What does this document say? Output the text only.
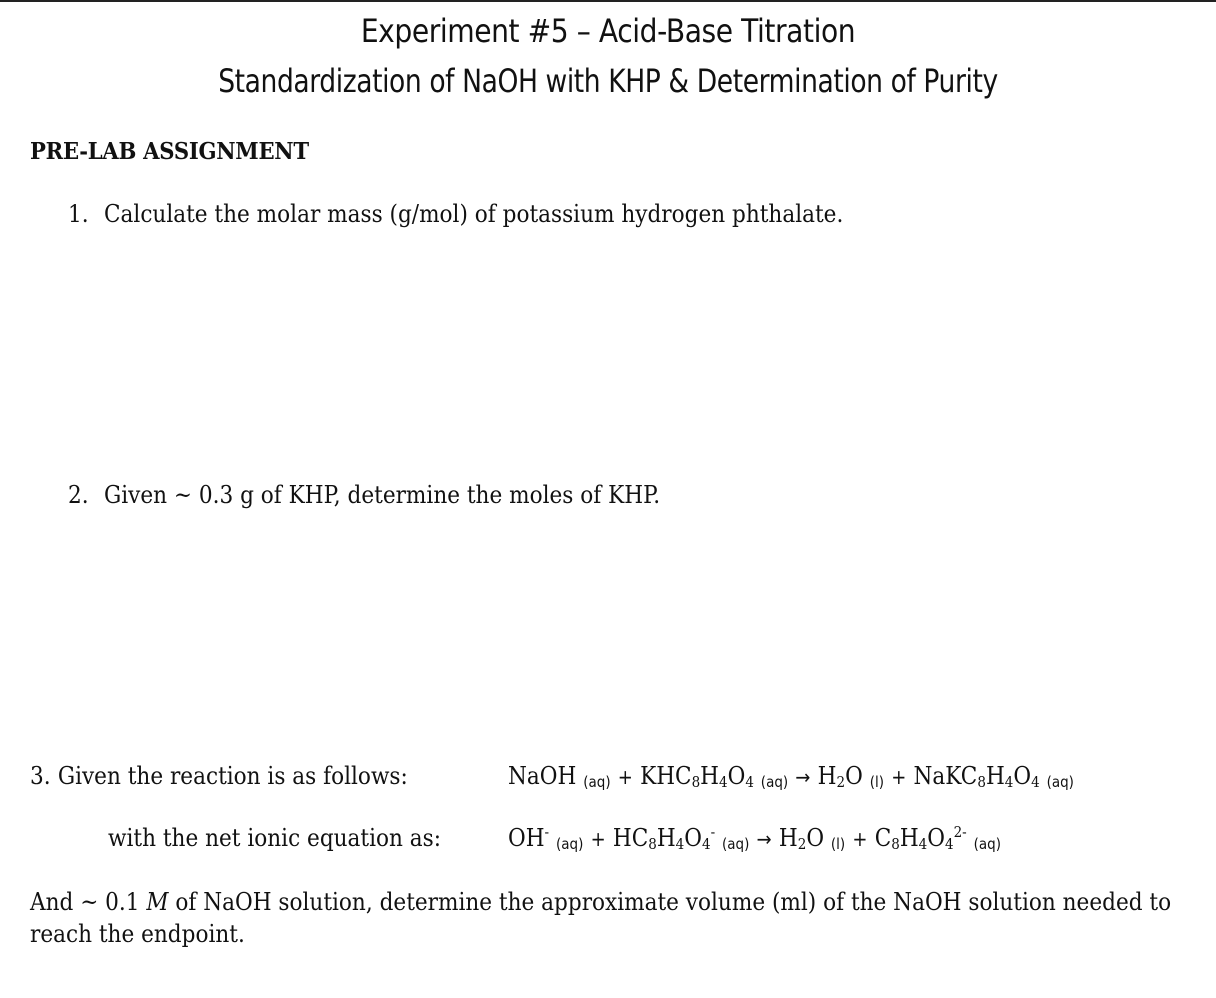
Experiment #5 – Acid-Base Titration
Standardization of NaOH with KHP & Determination of Purity
PRE-LAB ASSIGNMENT

1. Calculate the molar mass (g/mol) of potassium hydrogen phthalate.

2. Given ~ 0.3 g of KHP, determine the moles of KHP.

3. Given the reaction is as follows:	NaOH $(aq) + KHC_8H_4O_4$ $(aq) \to H_2O$ $(l) + NaKC_8H_4O_4$ (aq)

with the net ionic equation as:	OH- $(aq) + HC_8H_4O_4^-$ $(aq) \to H_2O$ $(l) + C_8H_4O_4^{2-}$ (aq)

And ~ 0.1 M of NaOH solution, determine the approximate volume (ml) of the NaOH solution needed to reach the endpoint.
